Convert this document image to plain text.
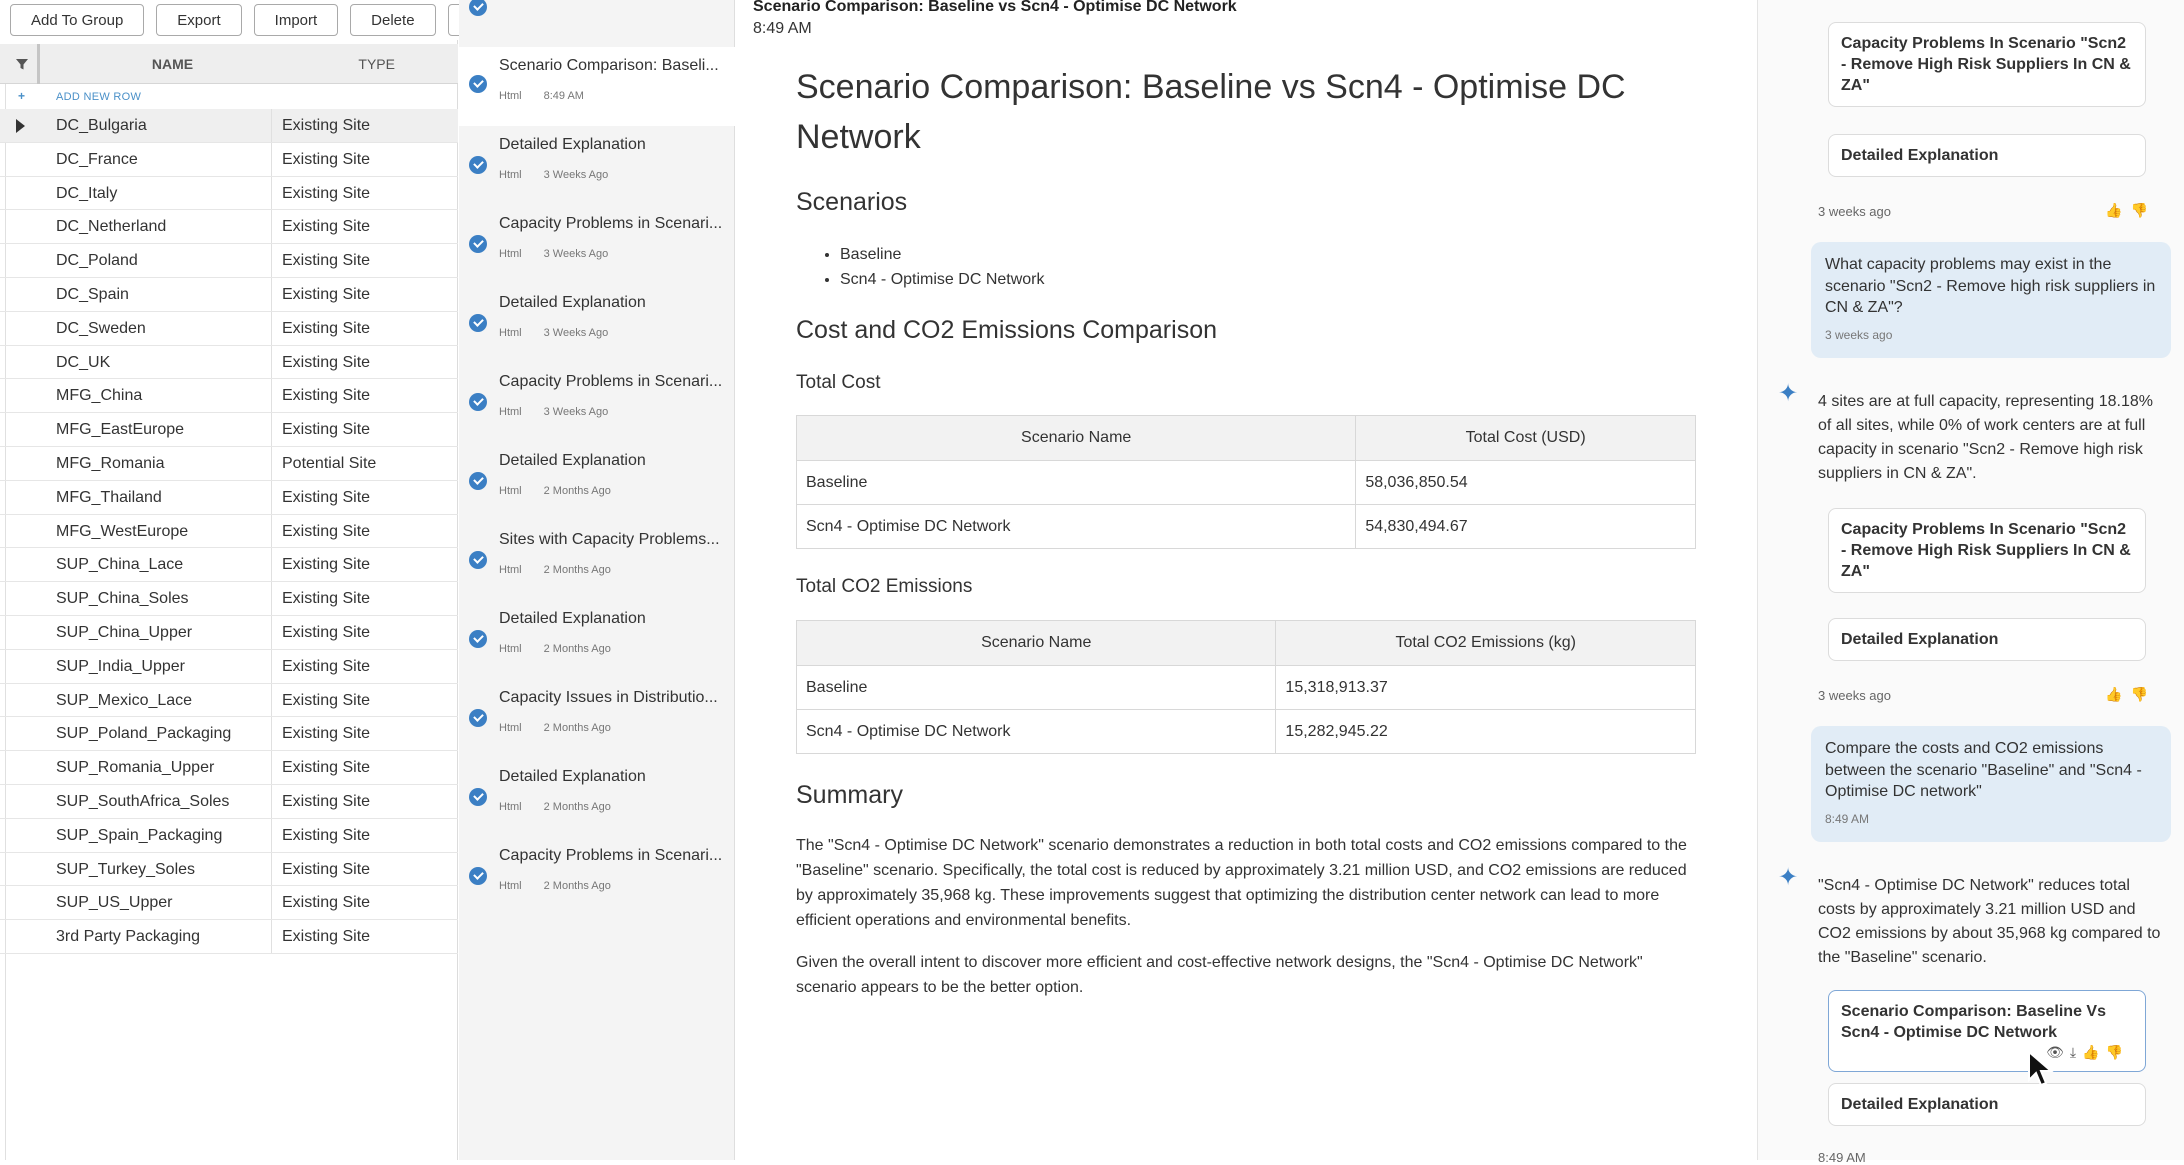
Add To Group	Export	Import	Delete
NAME	TYPE
+	ADD NEW ROW
DC_Bulgaria	Existing Site
DC_France	Existing Site
DC_Italy	Existing Site
DC_Netherland	Existing Site
DC_Poland	Existing Site
DC_Spain	Existing Site
DC_Sweden	Existing Site
DC_UK	Existing Site
MFG_China	Existing Site
MFG_EastEurope	Existing Site
MFG_Romania	Potential Site
MFG_Thailand	Existing Site
MFG_WestEurope	Existing Site
SUP_China_Lace	Existing Site
SUP_China_Soles	Existing Site
SUP_China_Upper	Existing Site
SUP_India_Upper	Existing Site
SUP_Mexico_Lace	Existing Site
SUP_Poland_Packaging	Existing Site
SUP_Romania_Upper	Existing Site
SUP_SouthAfrica_Soles	Existing Site
SUP_Spain_Packaging	Existing Site
SUP_Turkey_Soles	Existing Site
SUP_US_Upper	Existing Site
3rd Party Packaging	Existing Site
Scenario Comparison: Baseli...
Html 8:49 AM
Detailed Explanation
Html 3 Weeks Ago
Capacity Problems in Scenari...
Html 3 Weeks Ago
Detailed Explanation
Html 3 Weeks Ago
Capacity Problems in Scenari...
Html 3 Weeks Ago
Detailed Explanation
Html 2 Months Ago
Sites with Capacity Problems...
Html 2 Months Ago
Detailed Explanation
Html 2 Months Ago
Capacity Issues in Distributio...
Html 2 Months Ago
Detailed Explanation
Html 2 Months Ago
Capacity Problems in Scenari...
Html 2 Months Ago
Scenario Comparison: Baseline vs Scn4 - Optimise DC Network
8:49 AM
Scenario Comparison: Baseline vs Scn4 - Optimise DC Network
Scenarios
• Baseline
• Scn4 - Optimise DC Network
Cost and CO2 Emissions Comparison
Total Cost
Scenario Name	Total Cost (USD)
Baseline	58,036,850.54
Scn4 - Optimise DC Network	54,830,494.67
Total CO2 Emissions
Scenario Name	Total CO2 Emissions (kg)
Baseline	15,318,913.37
Scn4 - Optimise DC Network	15,282,945.22
Summary

The "Scn4 - Optimise DC Network" scenario demonstrates a reduction in both total costs and CO2 emissions compared to the "Baseline" scenario. Specifically, the total cost is reduced by approximately 3.21 million USD, and CO2 emissions are reduced by approximately 35,968 kg. These improvements suggest that optimizing the distribution center network can lead to more efficient operations and environmental benefits.

Given the overall intent to discover more efficient and cost-effective network designs, the "Scn4 - Optimise DC Network" scenario appears to be the better option.

Capacity Problems In Scenario "Scn2 - Remove High Risk Suppliers In CN & ZA"
Detailed Explanation
3 weeks ago	👍👎
What capacity problems may exist in the scenario "Scn2 - Remove high risk suppliers in CN & ZA"?
3 weeks ago
✦	4 sites are at full capacity, representing 18.18% of all sites, while 0% of work centers are at full capacity in scenario "Scn2 - Remove high risk suppliers in CN & ZA".
Capacity Problems In Scenario "Scn2 - Remove High Risk Suppliers In CN & ZA"
Detailed Explanation
3 weeks ago	👍👎
Compare the costs and CO2 emissions between the scenario "Baseline" and "Scn4 - Optimise DC network"
8:49 AM
✦	"Scn4 - Optimise DC Network" reduces total costs by approximately 3.21 million USD and CO2 emissions by about 35,968 kg compared to the "Baseline" scenario.
Scenario Comparison: Baseline Vs Scn4 - Optimise DC Network
👁⤓👍👎
Detailed Explanation
8:49 AM
